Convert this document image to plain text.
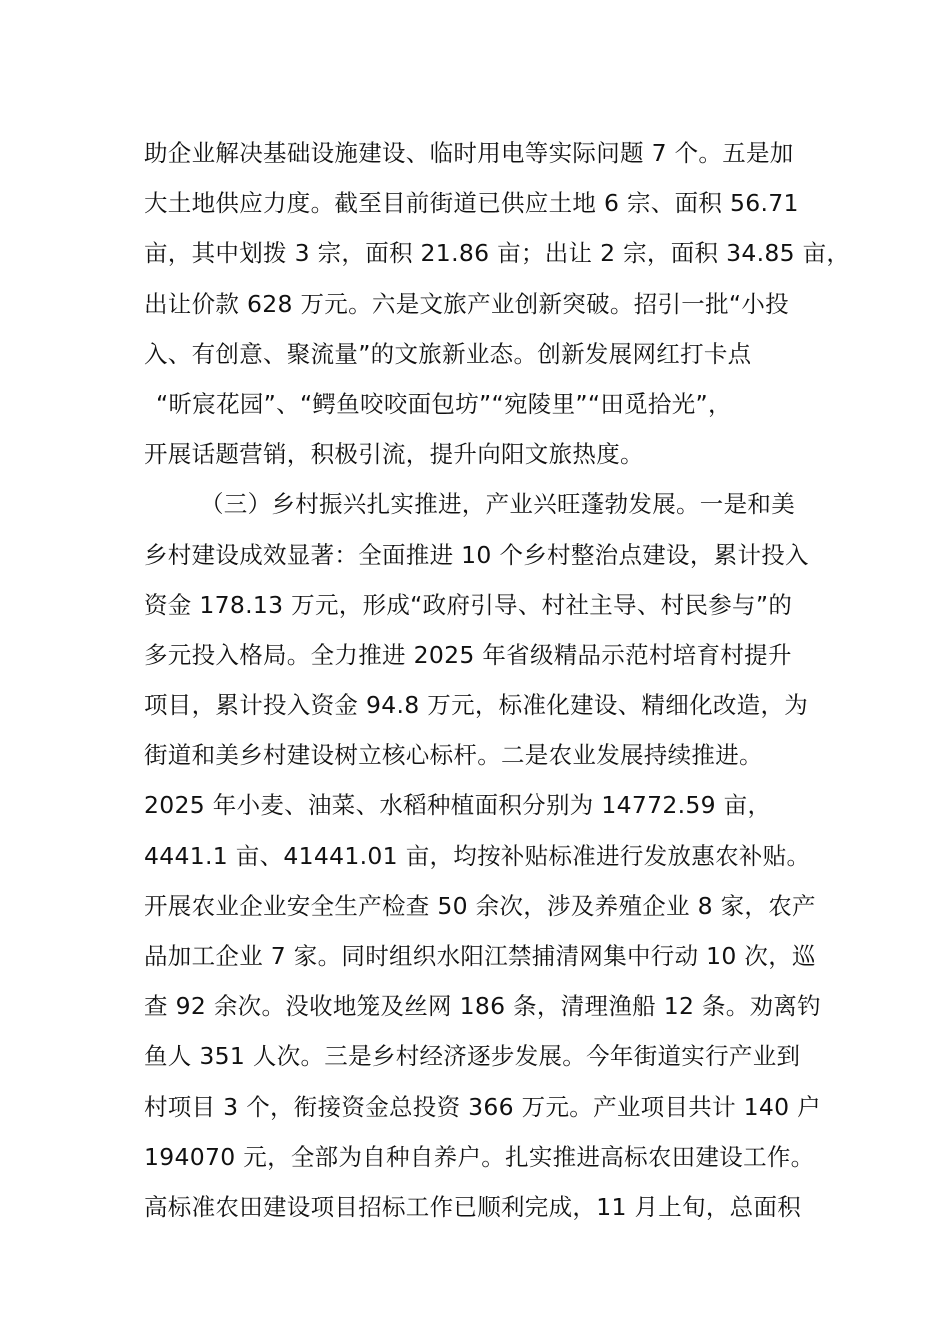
助企业解决基础设施建设、临时用电等实际问题 7 个。五是加
大土地供应力度。截至目前街道已供应土地 6 宗、面积 56.71
亩，其中划拨 3 宗，面积 21.86 亩；出让 2 宗，面积 34.85 亩，
出让价款 628 万元。六是文旅产业创新突破。招引一批“小投
入、有创意、聚流量”的文旅新业态。创新发展网红打卡点
“昕宸花园”、“鳄鱼咬咬面包坊”“宛陵里”“田觅拾光”，
开展话题营销，积极引流，提升向阳文旅热度。
（三）乡村振兴扎实推进，产业兴旺蓬勃发展。一是和美
乡村建设成效显著：全面推进 10 个乡村整治点建设，累计投入
资金 178.13 万元，形成“政府引导、村社主导、村民参与”的
多元投入格局。全力推进 2025 年省级精品示范村培育村提升
项目，累计投入资金 94.8 万元，标准化建设、精细化改造，为
街道和美乡村建设树立核心标杆。二是农业发展持续推进。
2025 年小麦、油菜、水稻种植面积分别为 14772.59 亩，
4441.1 亩、41441.01 亩，均按补贴标准进行发放惠农补贴。
开展农业企业安全生产检查 50 余次，涉及养殖企业 8 家，农产
品加工企业 7 家。同时组织水阳江禁捕清网集中行动 10 次，巡
查 92 余次。没收地笼及丝网 186 条，清理渔船 12 条。劝离钓
鱼人 351 人次。三是乡村经济逐步发展。今年街道实行产业到
村项目 3 个，衔接资金总投资 366 万元。产业项目共计 140 户
194070 元，全部为自种自养户。扎实推进高标农田建设工作。
高标准农田建设项目招标工作已顺利完成，11 月上旬，总面积
